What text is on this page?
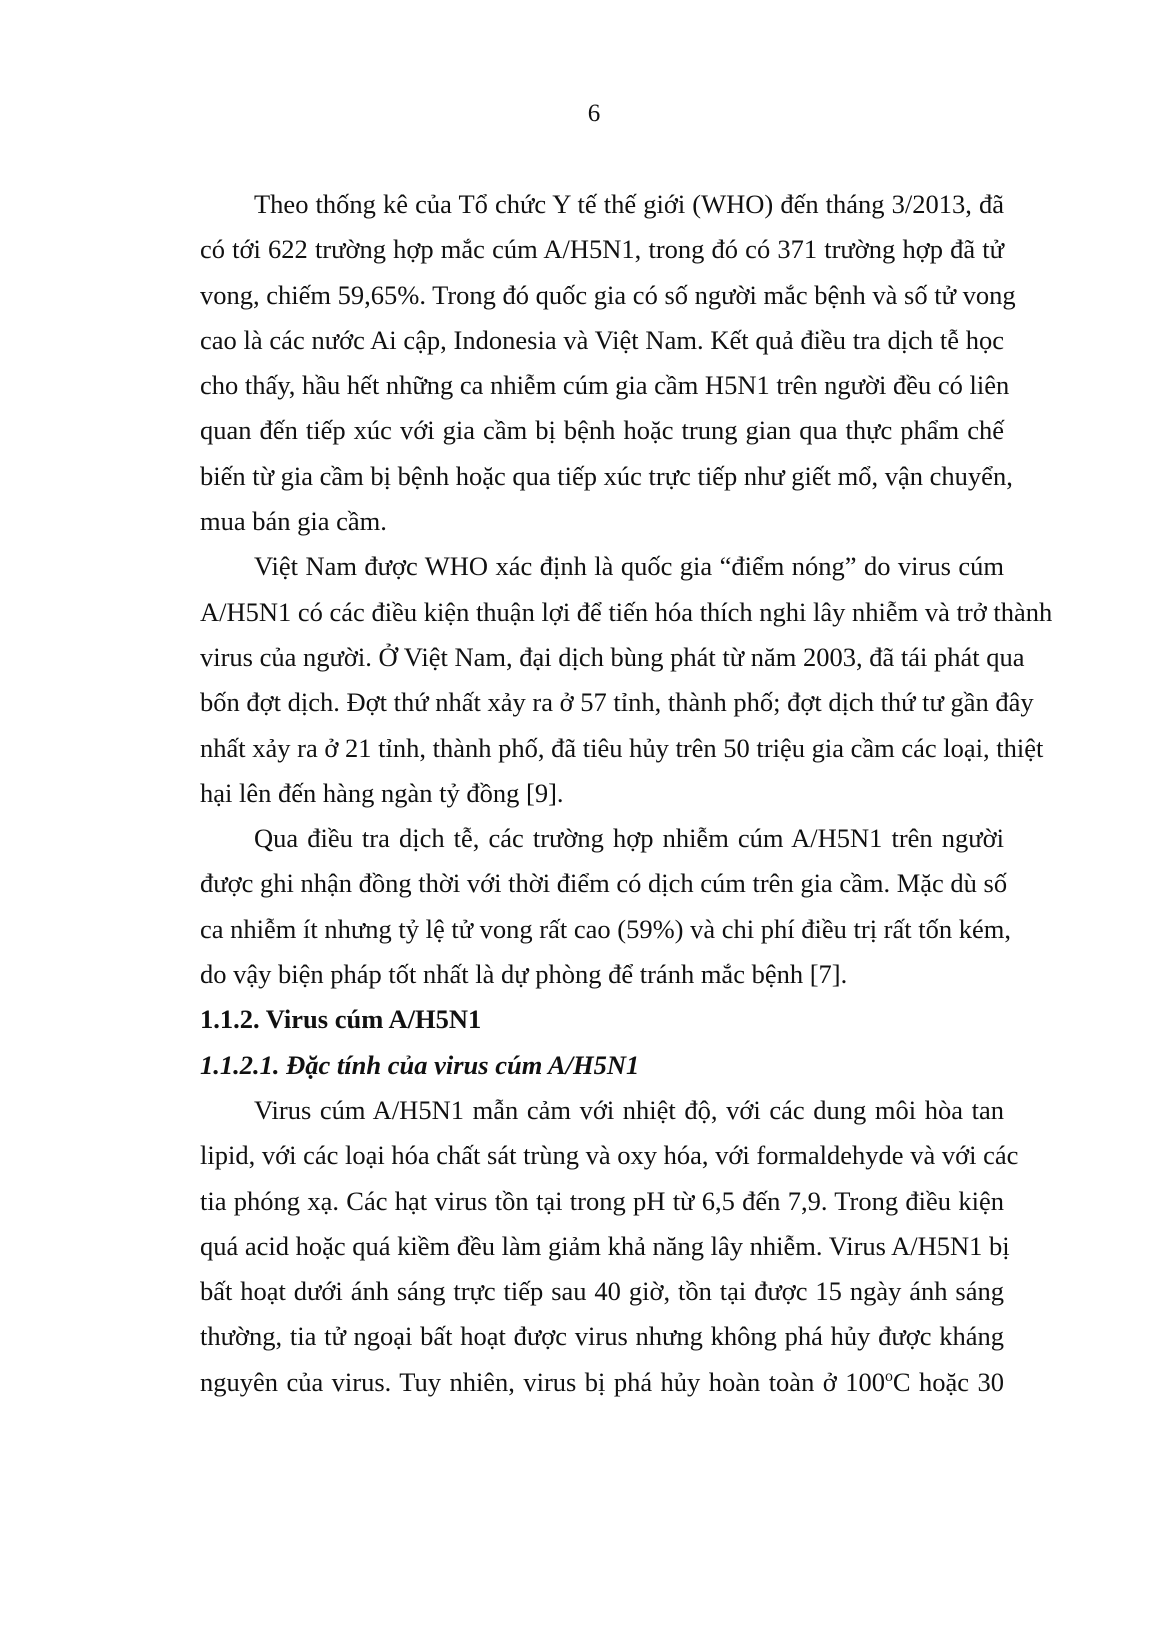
6
Theo thống kê của Tổ chức Y tế thế giới (WHO) đến tháng 3/2013, đã
có tới 622 trường hợp mắc cúm A/H5N1, trong đó có 371 trường hợp đã tử
vong, chiếm 59,65%. Trong đó quốc gia có số người mắc bệnh và số tử vong
cao là các nước Ai cập, Indonesia và Việt Nam. Kết quả điều tra dịch tễ học
cho thấy, hầu hết những ca nhiễm cúm gia cầm H5N1 trên người đều có liên
quan đến tiếp xúc với gia cầm bị bệnh hoặc trung gian qua thực phẩm chế
biến từ gia cầm bị bệnh hoặc qua tiếp xúc trực tiếp như giết mổ, vận chuyển,
mua bán gia cầm.
Việt Nam được WHO xác định là quốc gia “điểm nóng” do virus cúm
A/H5N1 có các điều kiện thuận lợi để tiến hóa thích nghi lây nhiễm và trở thành
virus của người. Ở Việt Nam, đại dịch bùng phát từ năm 2003, đã tái phát qua
bốn đợt dịch. Đợt thứ nhất xảy ra ở 57 tỉnh, thành phố; đợt dịch thứ tư gần đây
nhất xảy ra ở 21 tỉnh, thành phố, đã tiêu hủy trên 50 triệu gia cầm các loại, thiệt
hại lên đến hàng ngàn tỷ đồng [9].
Qua điều tra dịch tễ, các trường hợp nhiễm cúm A/H5N1 trên người
được ghi nhận đồng thời với thời điểm có dịch cúm trên gia cầm. Mặc dù số
ca nhiễm ít nhưng tỷ lệ tử vong rất cao (59%) và chi phí điều trị rất tốn kém,
do vậy biện pháp tốt nhất là dự phòng để tránh mắc bệnh [7].
1.1.2. Virus cúm A/H5N1
1.1.2.1. Đặc tính của virus cúm A/H5N1
Virus cúm A/H5N1 mẫn cảm với nhiệt độ, với các dung môi hòa tan
lipid, với các loại hóa chất sát trùng và oxy hóa, với formaldehyde và với các
tia phóng xạ. Các hạt virus tồn tại trong pH từ 6,5 đến 7,9. Trong điều kiện
quá acid hoặc quá kiềm đều làm giảm khả năng lây nhiễm. Virus A/H5N1 bị
bất hoạt dưới ánh sáng trực tiếp sau 40 giờ, tồn tại được 15 ngày ánh sáng
thường, tia tử ngoại bất hoạt được virus nhưng không phá hủy được kháng
nguyên của virus. Tuy nhiên, virus bị phá hủy hoàn toàn ở 100$^o$C hoặc 30
